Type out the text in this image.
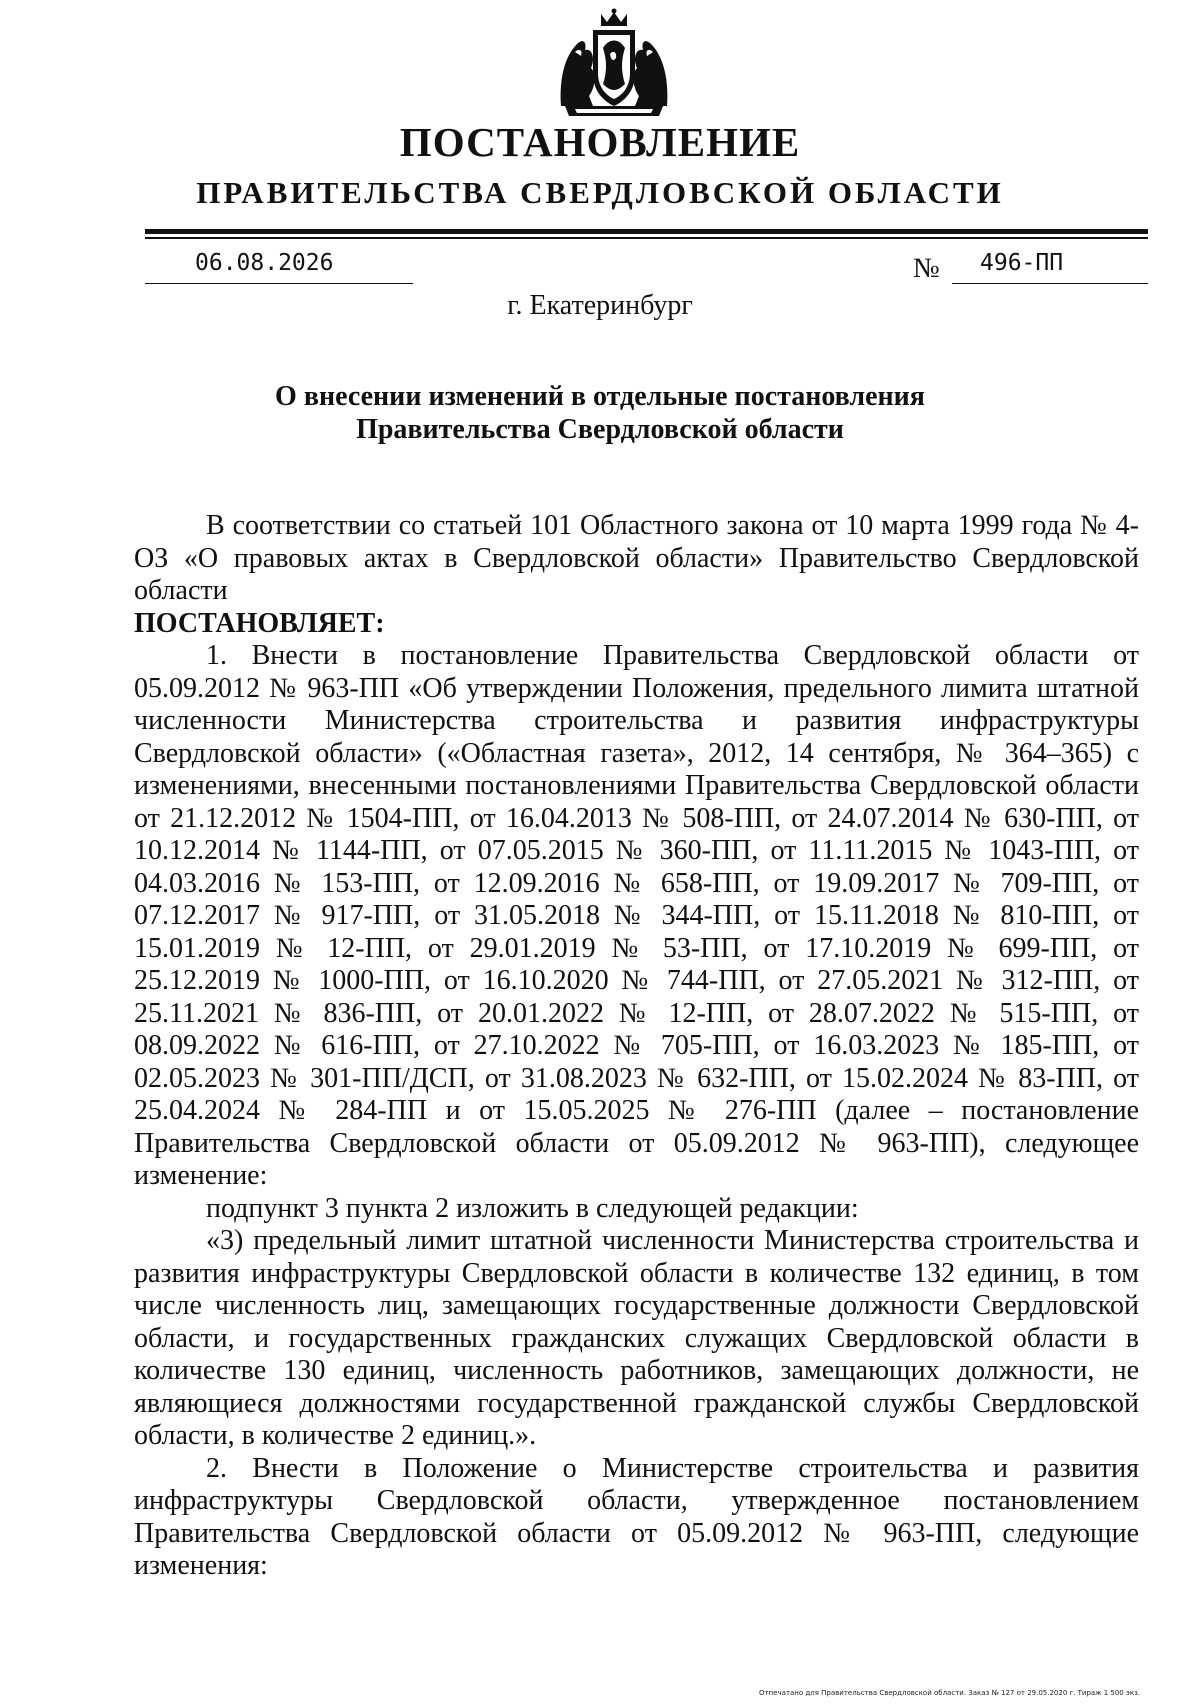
ПОСТАНОВЛЕНИЕ
ПРАВИТЕЛЬСТВА СВЕРДЛОВСКОЙ ОБЛАСТИ
06.08.2026	№ 496-ПП
г. Екатеринбург
О внесении изменений в отдельные постановления
Правительства Свердловской области

В соответствии со статьей 101 Областного закона от 10 марта 1999 года № 4-ОЗ «О правовых актах в Свердловской области» Правительство Свердловской области

ПОСТАНОВЛЯЕТ:

1. Внести в постановление Правительства Свердловской области от 05.09.2012 № 963-ПП «Об утверждении Положения, предельного лимита штатной численности Министерства строительства и развития инфраструктуры Свердловской области» («Областная газета», 2012, 14 сентября, № 364–365) с изменениями, внесенными постановлениями Правительства Свердловской области от 21.12.2012 № 1504-ПП, от 16.04.2013 № 508-ПП, от 24.07.2014 № 630-ПП, от 10.12.2014 № 1144-ПП, от 07.05.2015 № 360-ПП, от 11.11.2015 № 1043-ПП, от 04.03.2016 № 153-ПП, от 12.09.2016 № 658-ПП, от 19.09.2017 № 709-ПП, от 07.12.2017 № 917-ПП, от 31.05.2018 № 344-ПП, от 15.11.2018 № 810-ПП, от 15.01.2019 № 12-ПП, от 29.01.2019 № 53-ПП, от 17.10.2019 № 699-ПП, от 25.12.2019 № 1000-ПП, от 16.10.2020 № 744-ПП, от 27.05.2021 № 312-ПП, от 25.11.2021 № 836-ПП, от 20.01.2022 № 12-ПП, от 28.07.2022 № 515-ПП, от 08.09.2022 № 616-ПП, от 27.10.2022 № 705-ПП, от 16.03.2023 № 185-ПП, от 02.05.2023 № 301-ПП/ДСП, от 31.08.2023 № 632-ПП, от 15.02.2024 № 83-ПП, от 25.04.2024 № 284-ПП и от 15.05.2025 № 276-ПП (далее – постановление Правительства Свердловской области от 05.09.2012 № 963-ПП), следующее изменение:

подпункт 3 пункта 2 изложить в следующей редакции:

«3) предельный лимит штатной численности Министерства строительства и развития инфраструктуры Свердловской области в количестве 132 единиц, в том числе численность лиц, замещающих государственные должности Свердловской области, и государственных гражданских служащих Свердловской области в количестве 130 единиц, численность работников, замещающих должности, не являющиеся должностями государственной гражданской службы Свердловской области, в количестве 2 единиц.».

2. Внести в Положение о Министерстве строительства и развития инфраструктуры Свердловской области, утвержденное постановлением Правительства Свердловской области от 05.09.2012 № 963-ПП, следующие изменения:

Отпечатано для Правительства Свердловской области. Заказ № 127 от 29.05.2020 г. Тираж 1 500 экз.
